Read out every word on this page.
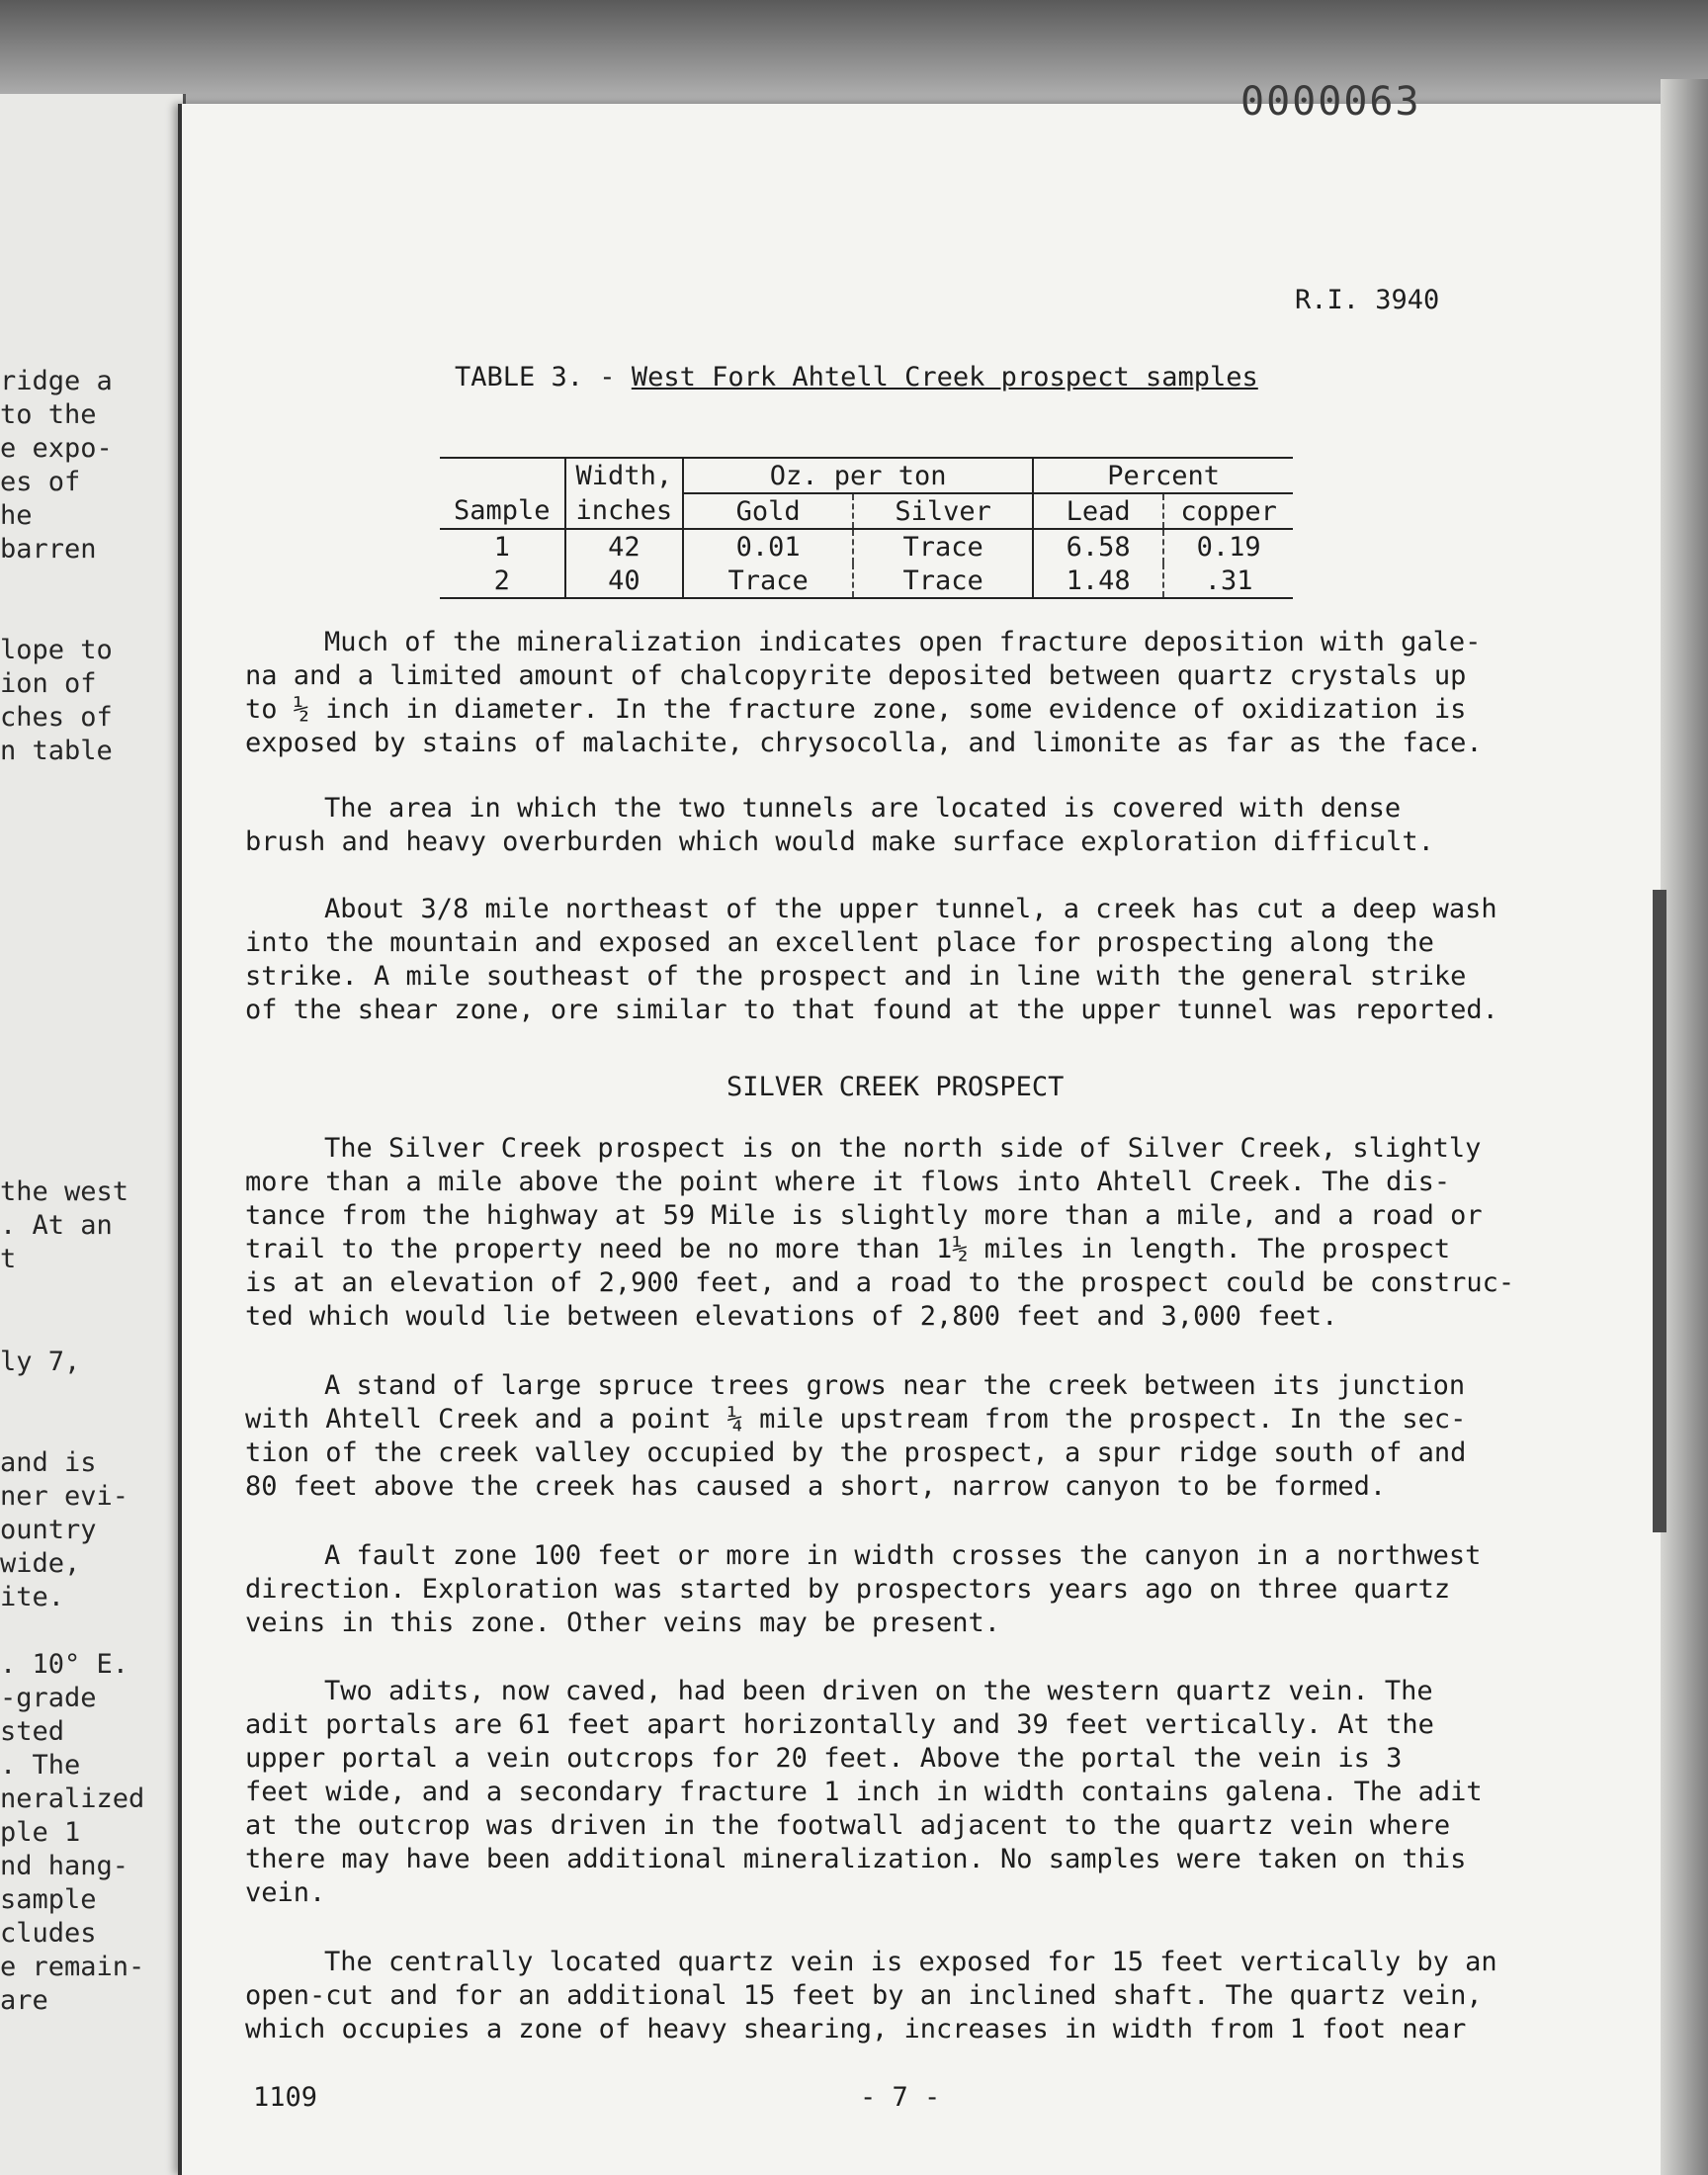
0000063
R.I. 3940
TABLE 3. - West Fork Ahtell Creek prospect samples
	Width,	Oz. per ton		Percent	
Sample	inches	Gold	Silver	Lead	copper
1	42	0.01	Trace	6.58	0.19
2	40	Trace	Trace	1.48	.31
Much of the mineralization indicates open fracture deposition with gale-
na and a limited amount of chalcopyrite deposited between quartz crystals up
to ½ inch in diameter. In the fracture zone, some evidence of oxidization is
exposed by stains of malachite, chrysocolla, and limonite as far as the face.
The area in which the two tunnels are located is covered with dense
brush and heavy overburden which would make surface exploration difficult.
About 3/8 mile northeast of the upper tunnel, a creek has cut a deep wash
into the mountain and exposed an excellent place for prospecting along the
strike. A mile southeast of the prospect and in line with the general strike
of the shear zone, ore similar to that found at the upper tunnel was reported.
SILVER CREEK PROSPECT
The Silver Creek prospect is on the north side of Silver Creek, slightly
more than a mile above the point where it flows into Ahtell Creek. The dis-
tance from the highway at 59 Mile is slightly more than a mile, and a road or
trail to the property need be no more than 1½ miles in length. The prospect
is at an elevation of 2,900 feet, and a road to the prospect could be construc-
ted which would lie between elevations of 2,800 feet and 3,000 feet.
A stand of large spruce trees grows near the creek between its junction
with Ahtell Creek and a point ¼ mile upstream from the prospect. In the sec-
tion of the creek valley occupied by the prospect, a spur ridge south of and
80 feet above the creek has caused a short, narrow canyon to be formed.
A fault zone 100 feet or more in width crosses the canyon in a northwest
direction. Exploration was started by prospectors years ago on three quartz
veins in this zone. Other veins may be present.
Two adits, now caved, had been driven on the western quartz vein. The
adit portals are 61 feet apart horizontally and 39 feet vertically. At the
upper portal a vein outcrops for 20 feet. Above the portal the vein is 3
feet wide, and a secondary fracture 1 inch in width contains galena. The adit
at the outcrop was driven in the footwall adjacent to the quartz vein where
there may have been additional mineralization. No samples were taken on this
vein.
The centrally located quartz vein is exposed for 15 feet vertically by an
open-cut and for an additional 15 feet by an inclined shaft. The quartz vein,
which occupies a zone of heavy shearing, increases in width from 1 foot near
1109	- 7 -
ridge a
to the
e expo-
es of
he
barren
lope to
ion of
ches of
n table
the west
. At an
t
ly 7,
and is
ner evi-
ountry
wide,
ite.
. 10° E.
-grade
sted
. The
neralized
ple 1
nd hang-
sample
cludes
e remain-
are
